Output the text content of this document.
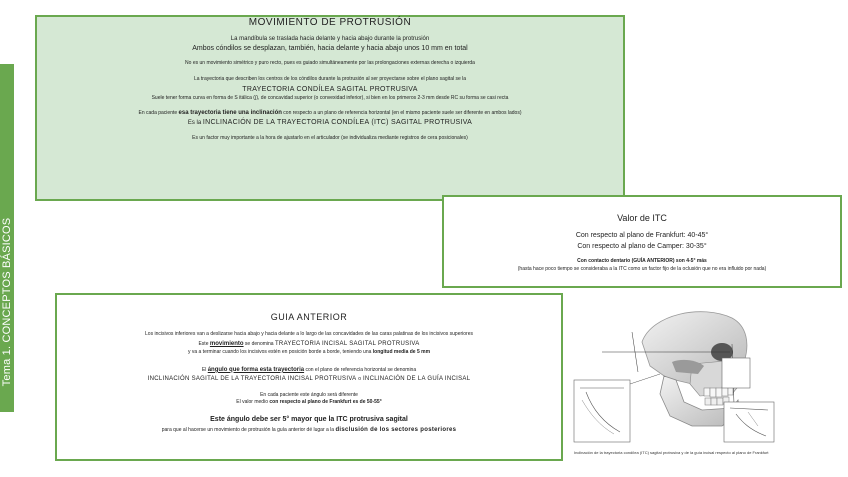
Tema 1. CONCEPTOS BÁSICOS

MOVIMIENTO DE PROTRUSIÓN

La mandíbula se traslada hacia delante y hacia abajo durante la protrusión

Ambos cóndilos se desplazan, también, hacia delante y hacia abajo unos 10 mm en total

No es un movimiento simétrico y puro recto, pues es guiado simultáneamente por las prolongaciones externas derecha o izquierda

La trayectoria que describen los centros de los cóndilos durante la protrusión al ser proyectarse sobre el plano sagital se la

TRAYECTORIA CONDÍLEA SAGITAL PROTRUSIVA

Suele tener forma curva en forma de S itálica (∫), de concavidad superior (o convexidad inferior), si bien en los primeros 2-3 mm desde RC su forma se casi recta

En cada paciente esa trayectoria tiene una inclinación con respecto a un plano de referencia horizontal (en el mismo paciente suele ser diferente en ambos lados)

Es la INCLINACIÓN DE LA TRAYECTORIA CONDÍLEA (ITC) SAGITAL PROTRUSIVA

Es un factor muy importante a la hora de ajustarlo en el articulador (se individualiza mediante registros de cera posicionales)

Valor de ITC

Con respecto al plano de Frankfurt: 40-45°

Con respecto al plano de Camper: 30-35°

Con contacto dentario (GUÍA ANTERIOR) son 4-5° más

(hasta hace poco tiempo se consideraba a la ITC como un factor fijo de la oclusión que no era influido por nada)

GUIA ANTERIOR

Los incisivos inferiores van a deslizarse hacia abajo y hacia delante a lo largo de las concavidades de las caras palatinas de los incisivos superiores

Este movimiento se denomina TRAYECTORIA INCISAL SAGITAL PROTRUSIVA

y va a terminar cuando los incisivos estén en posición borde a borde, teniendo una longitud media de 5 mm

El ángulo que forma esta trayectoria con el plano de referencia horizontal se denomina

INCLINACIÓN SAGITAL DE LA TRAYECTORIA INCISAL PROTRUSIVA o INCLINACIÓN DE LA GUÍA INCISAL

En cada paciente este ángulo será diferente

El valor medio con respecto al plano de Frankfurt es de 50-55°

Este ángulo debe ser 5° mayor que la ITC protrusiva sagital

para que al hacerse un movimiento de protrusión la guía anterior dé lugar a la disclusión de los sectores posteriores

Inclinación de la trayectoria condílea (ITC) sagital protrusiva y de la guía incisal respecto al plano de Frankfurt
